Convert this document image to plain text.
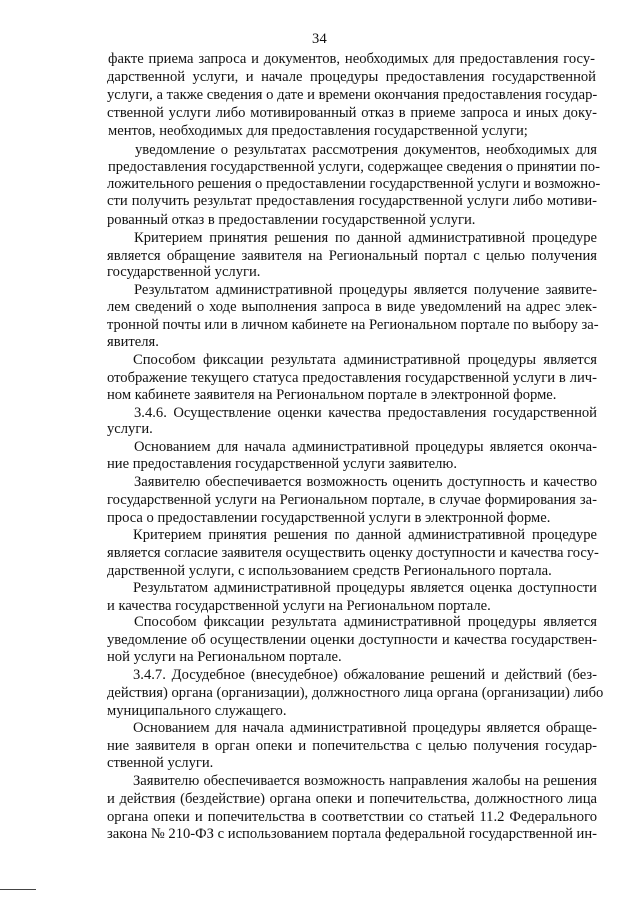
34
факте приема запроса и документов, необходимых для предоставления госу-
дарственной услуги, и начале процедуры предоставления государственной
услуги, а также сведения о дате и времени окончания предоставления государ-
ственной услуги либо мотивированный отказ в приеме запроса и иных доку-
ментов, необходимых для предоставления государственной услуги;
уведомление о результатах рассмотрения документов, необходимых для
предоставления государственной услуги, содержащее сведения о принятии по-
ложительного решения о предоставлении государственной услуги и возможно-
сти получить результат предоставления государственной услуги либо мотиви-
рованный отказ в предоставлении государственной услуги.
Критерием принятия решения по данной административной процедуре
является обращение заявителя на Региональный портал с целью получения
государственной услуги.
Результатом административной процедуры является получение заявите-
лем сведений о ходе выполнения запроса в виде уведомлений на адрес элек-
тронной почты или в личном кабинете на Региональном портале по выбору за-
явителя.
Способом фиксации результата административной процедуры является
отображение текущего статуса предоставления государственной услуги в лич-
ном кабинете заявителя на Региональном портале в электронной форме.
3.4.6. Осуществление оценки качества предоставления государственной
услуги.
Основанием для начала административной процедуры является оконча-
ние предоставления государственной услуги заявителю.
Заявителю обеспечивается возможность оценить доступность и качество
государственной услуги на Региональном портале, в случае формирования за-
проса о предоставлении государственной услуги в электронной форме.
Критерием принятия решения по данной административной процедуре
является согласие заявителя осуществить оценку доступности и качества госу-
дарственной услуги, с использованием средств Регионального портала.
Результатом административной процедуры является оценка доступности
и качества государственной услуги на Региональном портале.
Способом фиксации результата административной процедуры является
уведомление об осуществлении оценки доступности и качества государствен-
ной услуги на Региональном портале.
3.4.7. Досудебное (внесудебное) обжалование решений и действий (без-
действия) органа (организации), должностного лица органа (организации) либо
муниципального служащего.
Основанием для начала административной процедуры является обраще-
ние заявителя в орган опеки и попечительства с целью получения государ-
ственной услуги.
Заявителю обеспечивается возможность направления жалобы на решения
и действия (бездействие) органа опеки и попечительства, должностного лица
органа опеки и попечительства в соответствии со статьей 11.2 Федерального
закона № 210-ФЗ с использованием портала федеральной государственной ин-
